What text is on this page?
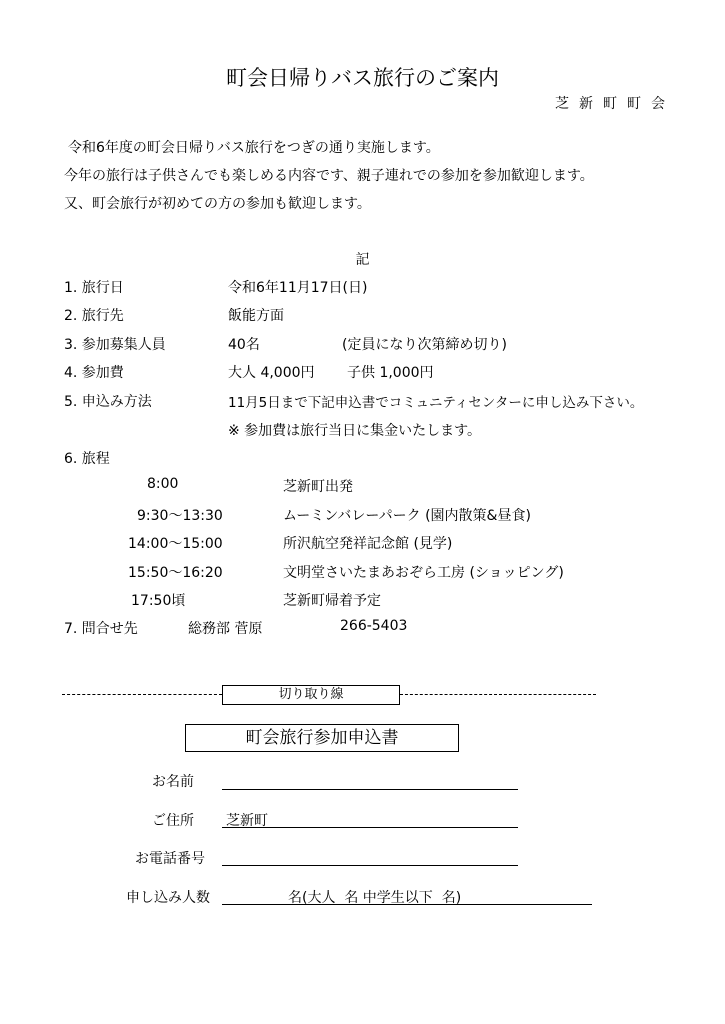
町会日帰りバス旅行のご案内
芝新町町会
令和6年度の町会日帰りバス旅行をつぎの通り実施します。
今年の旅行は子供さんでも楽しめる内容です、親子連れでの参加を参加歓迎します。
又、町会旅行が初めての方の参加も歓迎します。
記
1. 旅行日	令和6年11月17日(日)
2. 旅行先	飯能方面
3. 参加募集人員	40名	(定員になり次第締め切り)
4. 参加費	大人 4,000円 子供 1,000円
5. 申込み方法	11月5日まで下記申込書でコミュニティセンターに申し込み下さい。
※ 参加費は旅行当日に集金いたします。
6. 旅程
8:00	芝新町出発
9:30〜13:30	ムーミンバレーパーク (園内散策&昼食)
14:00〜15:00	所沢航空発祥記念館 (見学)
15:50〜16:20	文明堂さいたまあおぞら工房 (ショッピング)
17:50頃	芝新町帰着予定
7. 問合せ先	総務部 菅原	266-5403
切り取り線
町会旅行参加申込書
お名前
ご住所 芝新町
お電話番号
申し込み人数	名(大人  名 中学生以下  名)
